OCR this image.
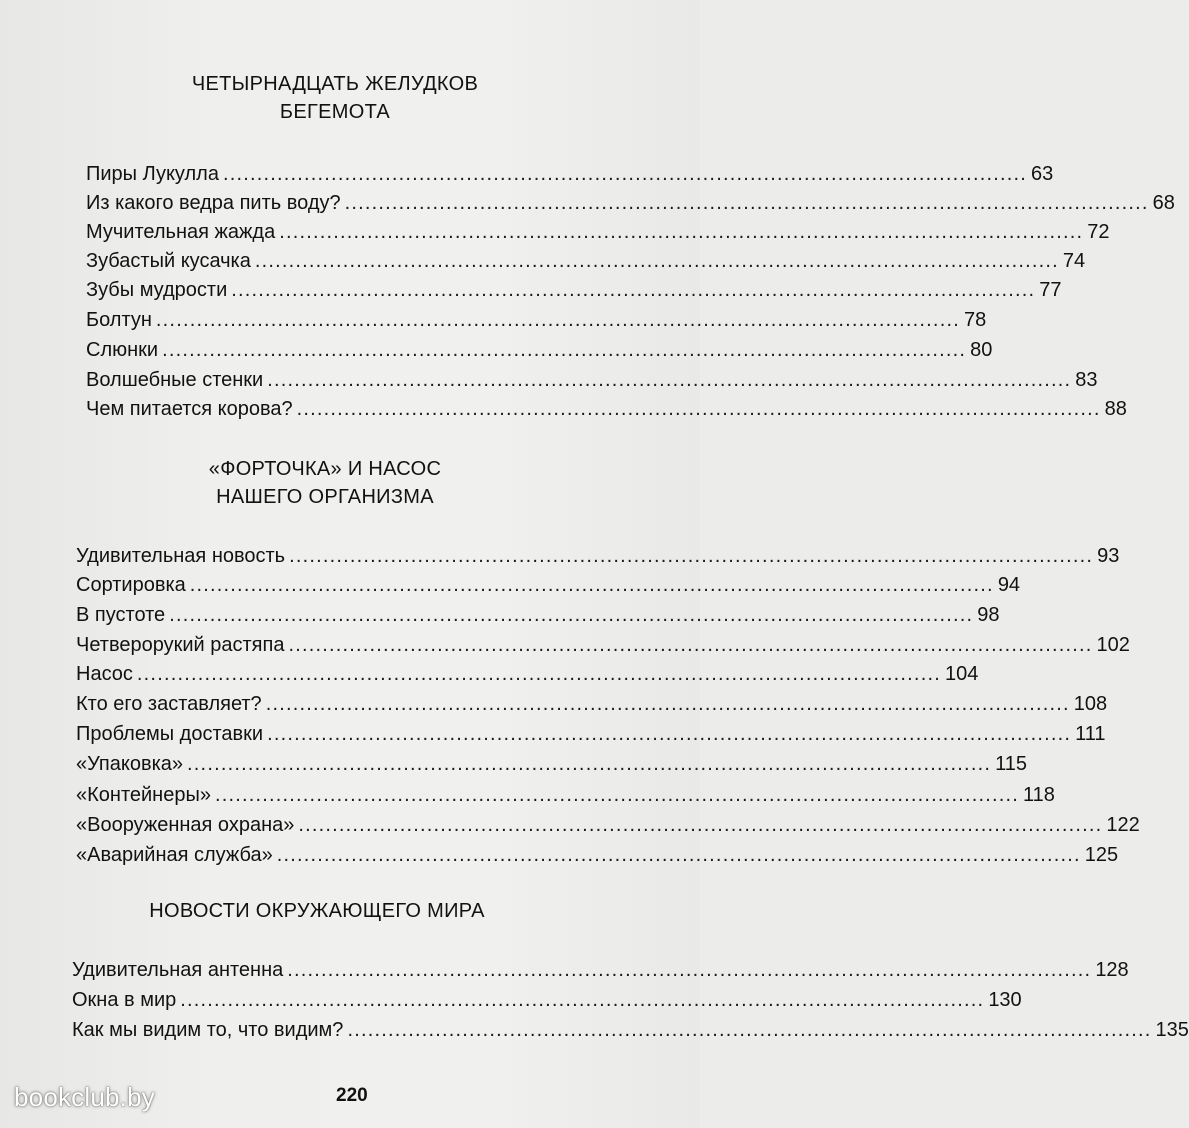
ЧЕТЫРНАДЦАТЬ ЖЕЛУДКОВ
БЕГЕМОТА
Пиры Лукулла ....................................................................................................................... 63
Из какого ведра пить воду? ....................................................................................................................... 68
Мучительная жажда ....................................................................................................................... 72
Зубастый кусачка ....................................................................................................................... 74
Зубы мудрости ....................................................................................................................... 77
Болтун ....................................................................................................................... 78
Слюнки ....................................................................................................................... 80
Волшебные стенки ....................................................................................................................... 83
Чем питается корова? ....................................................................................................................... 88
«ФОРТОЧКА» И НАСОС
НАШЕГО ОРГАНИЗМА
Удивительная новость ....................................................................................................................... 93
Сортировка ....................................................................................................................... 94
В пустоте ....................................................................................................................... 98
Четверорукий растяпа ....................................................................................................................... 102
Насос ....................................................................................................................... 104
Кто его заставляет? ....................................................................................................................... 108
Проблемы доставки ....................................................................................................................... 111
«Упаковка» ....................................................................................................................... 115
«Контейнеры» ....................................................................................................................... 118
«Вооруженная охрана» ....................................................................................................................... 122
«Аварийная служба» ....................................................................................................................... 125
НОВОСТИ ОКРУЖАЮЩЕГО МИРА
Удивительная антенна ....................................................................................................................... 128
Окна в мир ....................................................................................................................... 130
Как мы видим то, что видим? ....................................................................................................................... 135
220
bookclub.by
